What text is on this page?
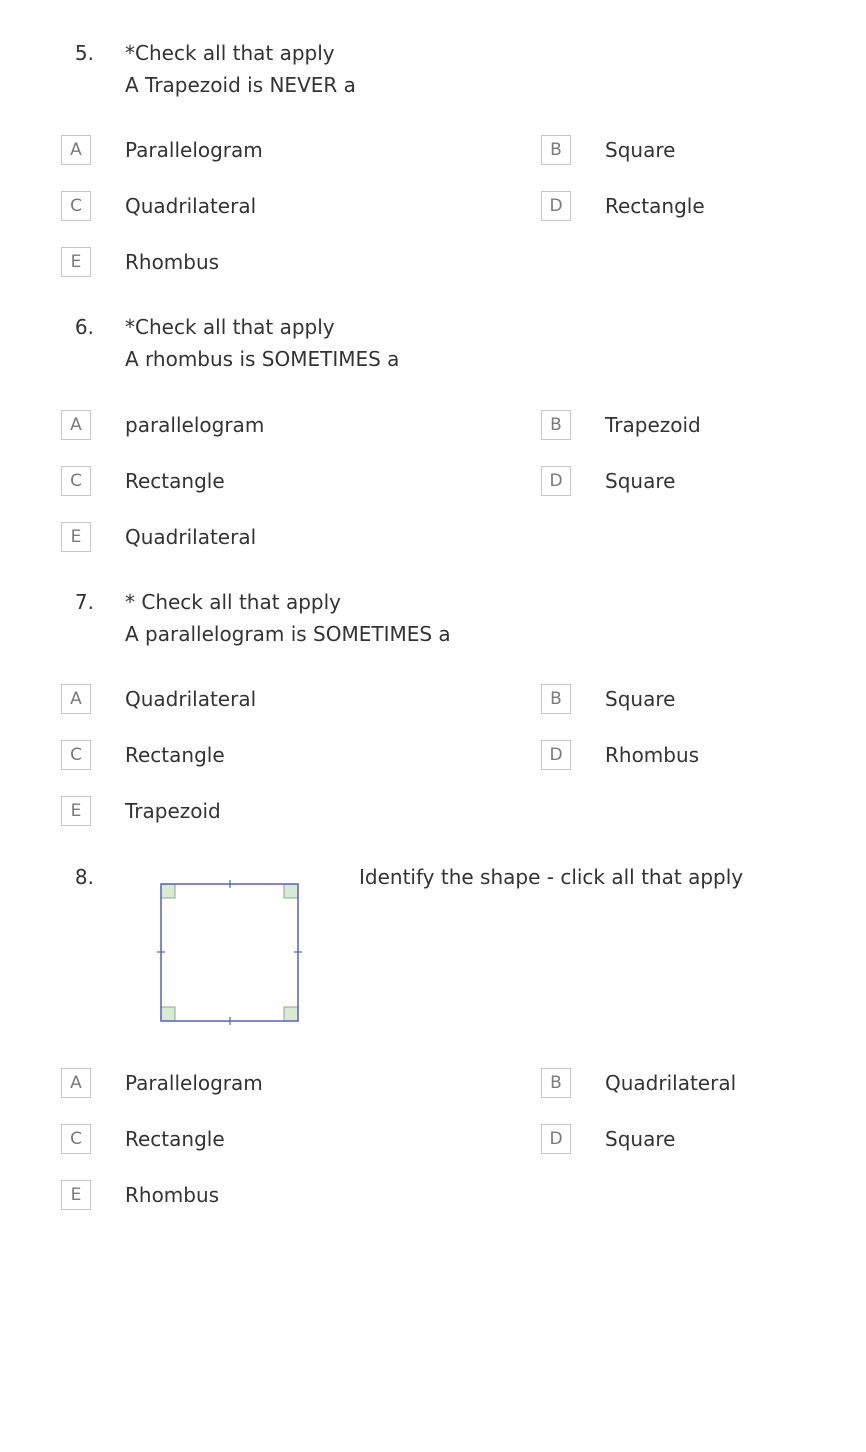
5. *Check all that apply
A Trapezoid is NEVER a
A	Parallelogram	B	Square
C	Quadrilateral	D	Rectangle
E	Rhombus
6. *Check all that apply
A rhombus is SOMETIMES a
A	parallelogram	B	Trapezoid
C	Rectangle	D	Square
E	Quadrilateral
7. * Check all that apply
A parallelogram is SOMETIMES a
A	Quadrilateral	B	Square
C	Rectangle	D	Rhombus
E	Trapezoid
8.	Identify the shape - click all that apply
A	Parallelogram	B	Quadrilateral
C	Rectangle	D	Square
E	Rhombus
